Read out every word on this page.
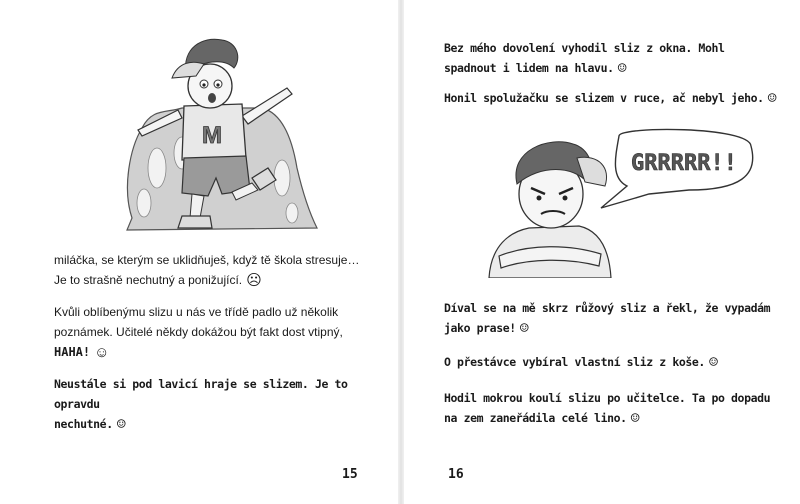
M
miláčka, se kterým se uklidňuješ, když tě škola stresuje…
Je to strašně nechutný a ponižující. ☹
Kvůli oblíbenýmu slizu u nás ve třídě padlo už několik
poznámek. Učitelé někdy dokážou být fakt dost vtipný,
HAHA! ☺
Neustále si pod lavicí hraje se slizem. Je to opravdu
nechutné. ☺
15
Bez mého dovolení vyhodil sliz z okna. Mohl
spadnout i lidem na hlavu. ☺
Honil spolužačku se slizem v ruce, ač nebyl jeho. ☺
GRRRRR!!
Díval se na mě skrz růžový sliz a řekl, že vypadám
jako prase! ☺
O přestávce vybíral vlastní sliz z koše. ☺
Hodil mokrou koulí slizu po učitelce. Ta po dopadu
na zem zaneřádila celé lino. ☺
16
